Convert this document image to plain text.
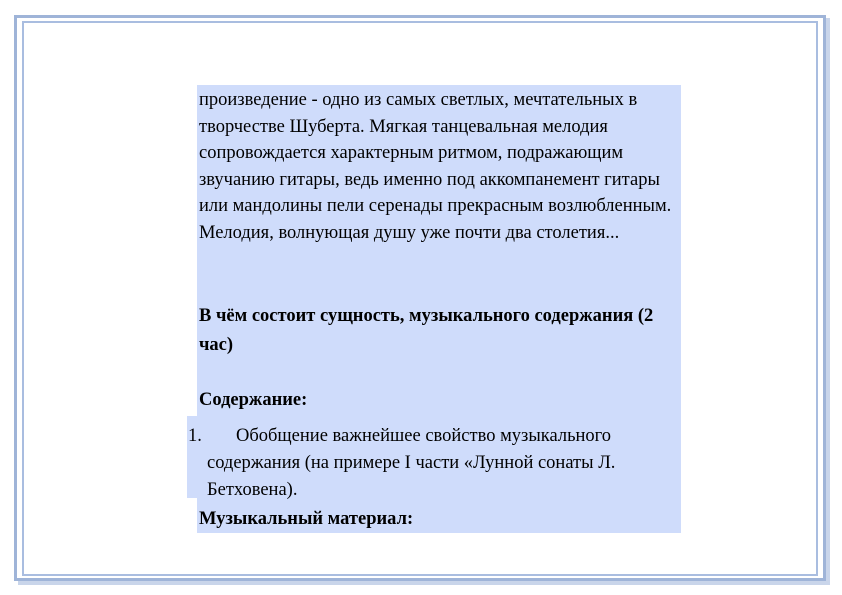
произведение - одно из самых светлых, мечтательных в творчестве Шуберта. Мягкая танцевальная мелодия сопровождается характерным ритмом, подражающим звучанию гитары, ведь именно под аккомпанемент гитары или мандолины пели серенады прекрасным возлюбленным. Мелодия, волнующая душу уже почти два столетия...
В чём состоит сущность, музыкального содержания (2 час)
Содержание:
1.	Обобщение важнейшее свойство музыкального содержания (на примере I части «Лунной сонаты Л. Бетховена).
Музыкальный материал:
